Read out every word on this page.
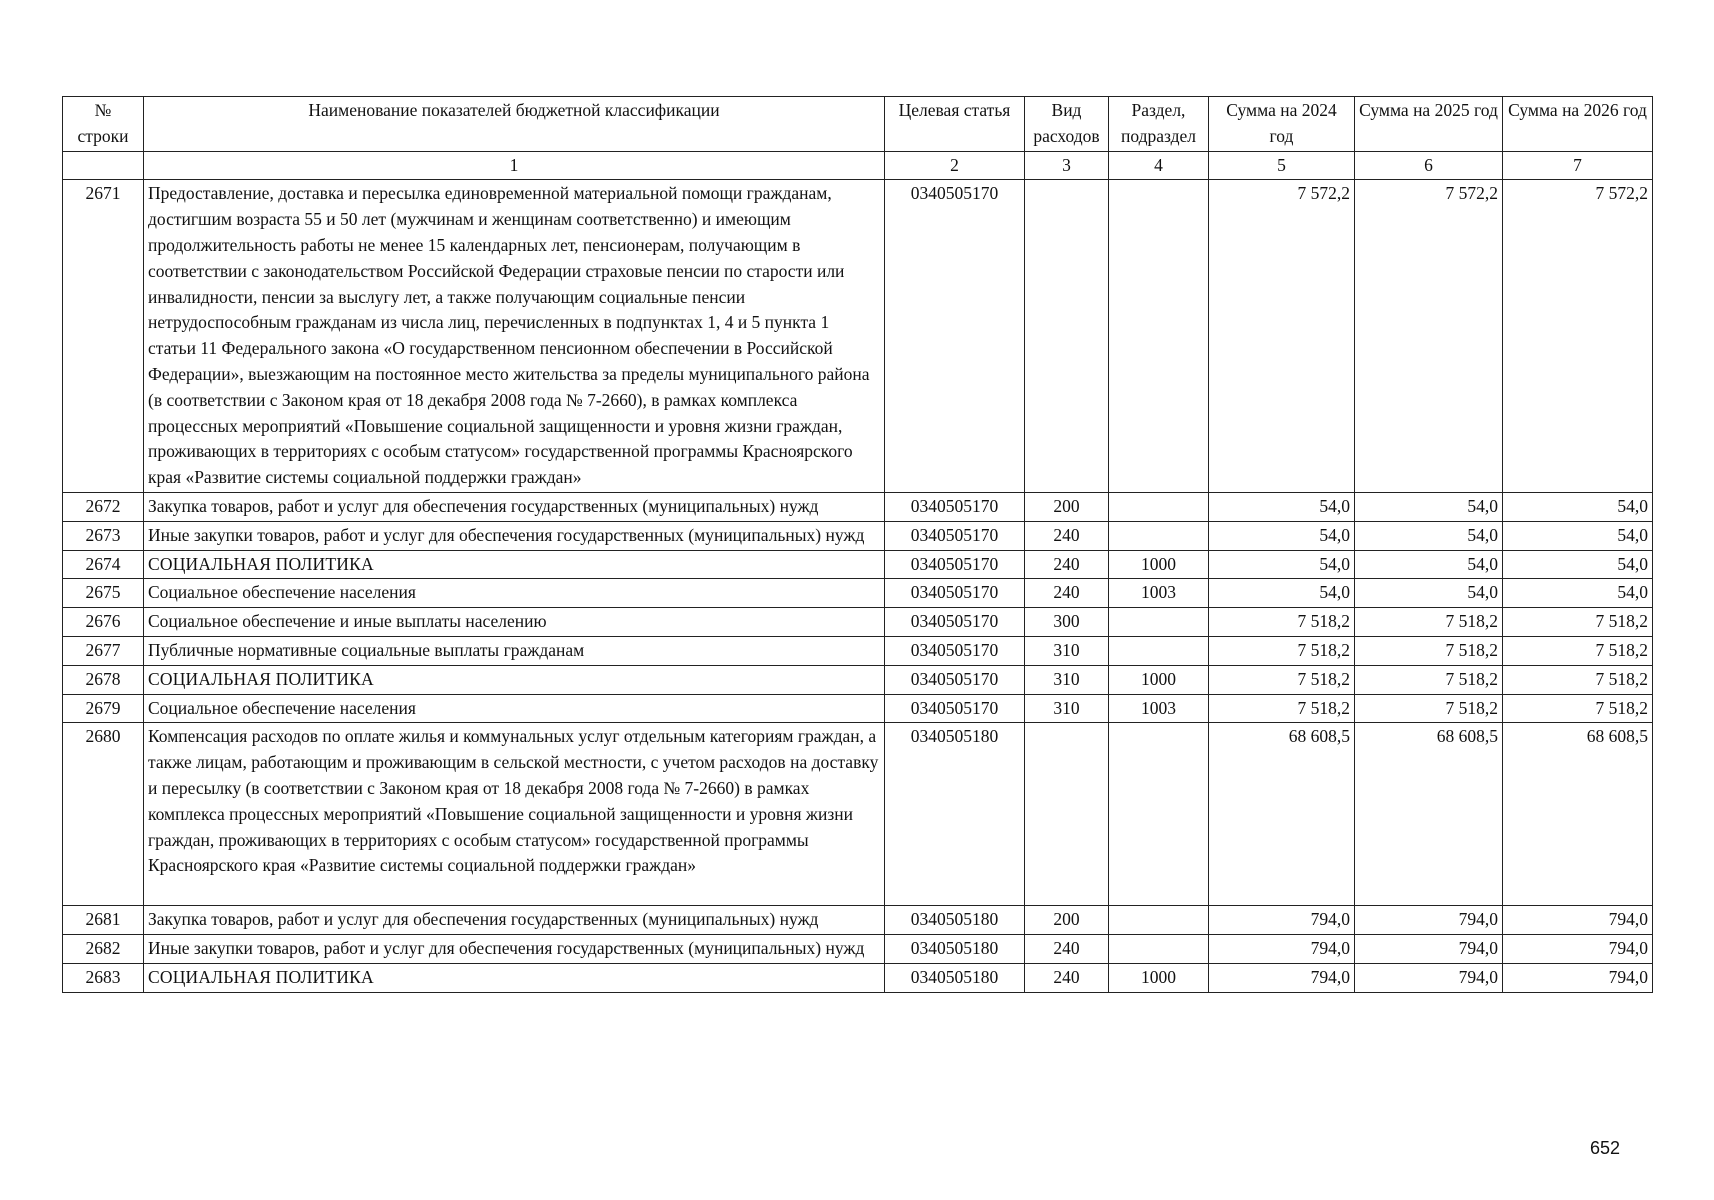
№ строки	Наименование показателей бюджетной классификации	Целевая статья	Вид расходов	Раздел, подраздел	Сумма на 2024 год	Сумма на 2025 год	Сумма на 2026 год
	1	2	3	4	5	6	7
2671	Предоставление, доставка и пересылка единовременной материальной помощи гражданам, достигшим возраста 55 и 50 лет (мужчинам и женщинам соответственно) и имеющим продолжительность работы не менее 15 календарных лет, пенсионерам, получающим в соответствии с законодательством Российской Федерации страховые пенсии по старости или инвалидности, пенсии за выслугу лет, а также получающим социальные пенсии нетрудоспособным гражданам из числа лиц, перечисленных в подпунктах 1, 4 и 5 пункта 1 статьи 11 Федерального закона «О государственном пенсионном обеспечении в Российской Федерации», выезжающим на постоянное место жительства за пределы муниципального района (в соответствии с Законом края от 18 декабря 2008 года № 7-2660), в рамках комплекса процессных мероприятий «Повышение социальной защищенности и уровня жизни граждан, проживающих в территориях с особым статусом» государственной программы Красноярского края «Развитие системы социальной поддержки граждан»	0340505170			7 572,2	7 572,2	7 572,2
2672	Закупка товаров, работ и услуг для обеспечения государственных (муниципальных) нужд	0340505170	200		54,0	54,0	54,0
2673	Иные закупки товаров, работ и услуг для обеспечения государственных (муниципальных) нужд	0340505170	240		54,0	54,0	54,0
2674	СОЦИАЛЬНАЯ ПОЛИТИКА	0340505170	240	1000	54,0	54,0	54,0
2675	Социальное обеспечение населения	0340505170	240	1003	54,0	54,0	54,0
2676	Социальное обеспечение и иные выплаты населению	0340505170	300		7 518,2	7 518,2	7 518,2
2677	Публичные нормативные социальные выплаты гражданам	0340505170	310		7 518,2	7 518,2	7 518,2
2678	СОЦИАЛЬНАЯ ПОЛИТИКА	0340505170	310	1000	7 518,2	7 518,2	7 518,2
2679	Социальное обеспечение населения	0340505170	310	1003	7 518,2	7 518,2	7 518,2
2680	Компенсация расходов по оплате жилья и коммунальных услуг отдельным категориям граждан, а также лицам, работающим и проживающим в сельской местности, с учетом расходов на доставку и пересылку (в соответствии с Законом края от 18 декабря 2008 года № 7-2660) в рамках комплекса процессных мероприятий «Повышение социальной защищенности и уровня жизни граждан, проживающих в территориях с особым статусом» государственной программы Красноярского края «Развитие системы социальной поддержки граждан»	0340505180			68 608,5	68 608,5	68 608,5
2681	Закупка товаров, работ и услуг для обеспечения государственных (муниципальных) нужд	0340505180	200		794,0	794,0	794,0
2682	Иные закупки товаров, работ и услуг для обеспечения государственных (муниципальных) нужд	0340505180	240		794,0	794,0	794,0
2683	СОЦИАЛЬНАЯ ПОЛИТИКА	0340505180	240	1000	794,0	794,0	794,0
652
